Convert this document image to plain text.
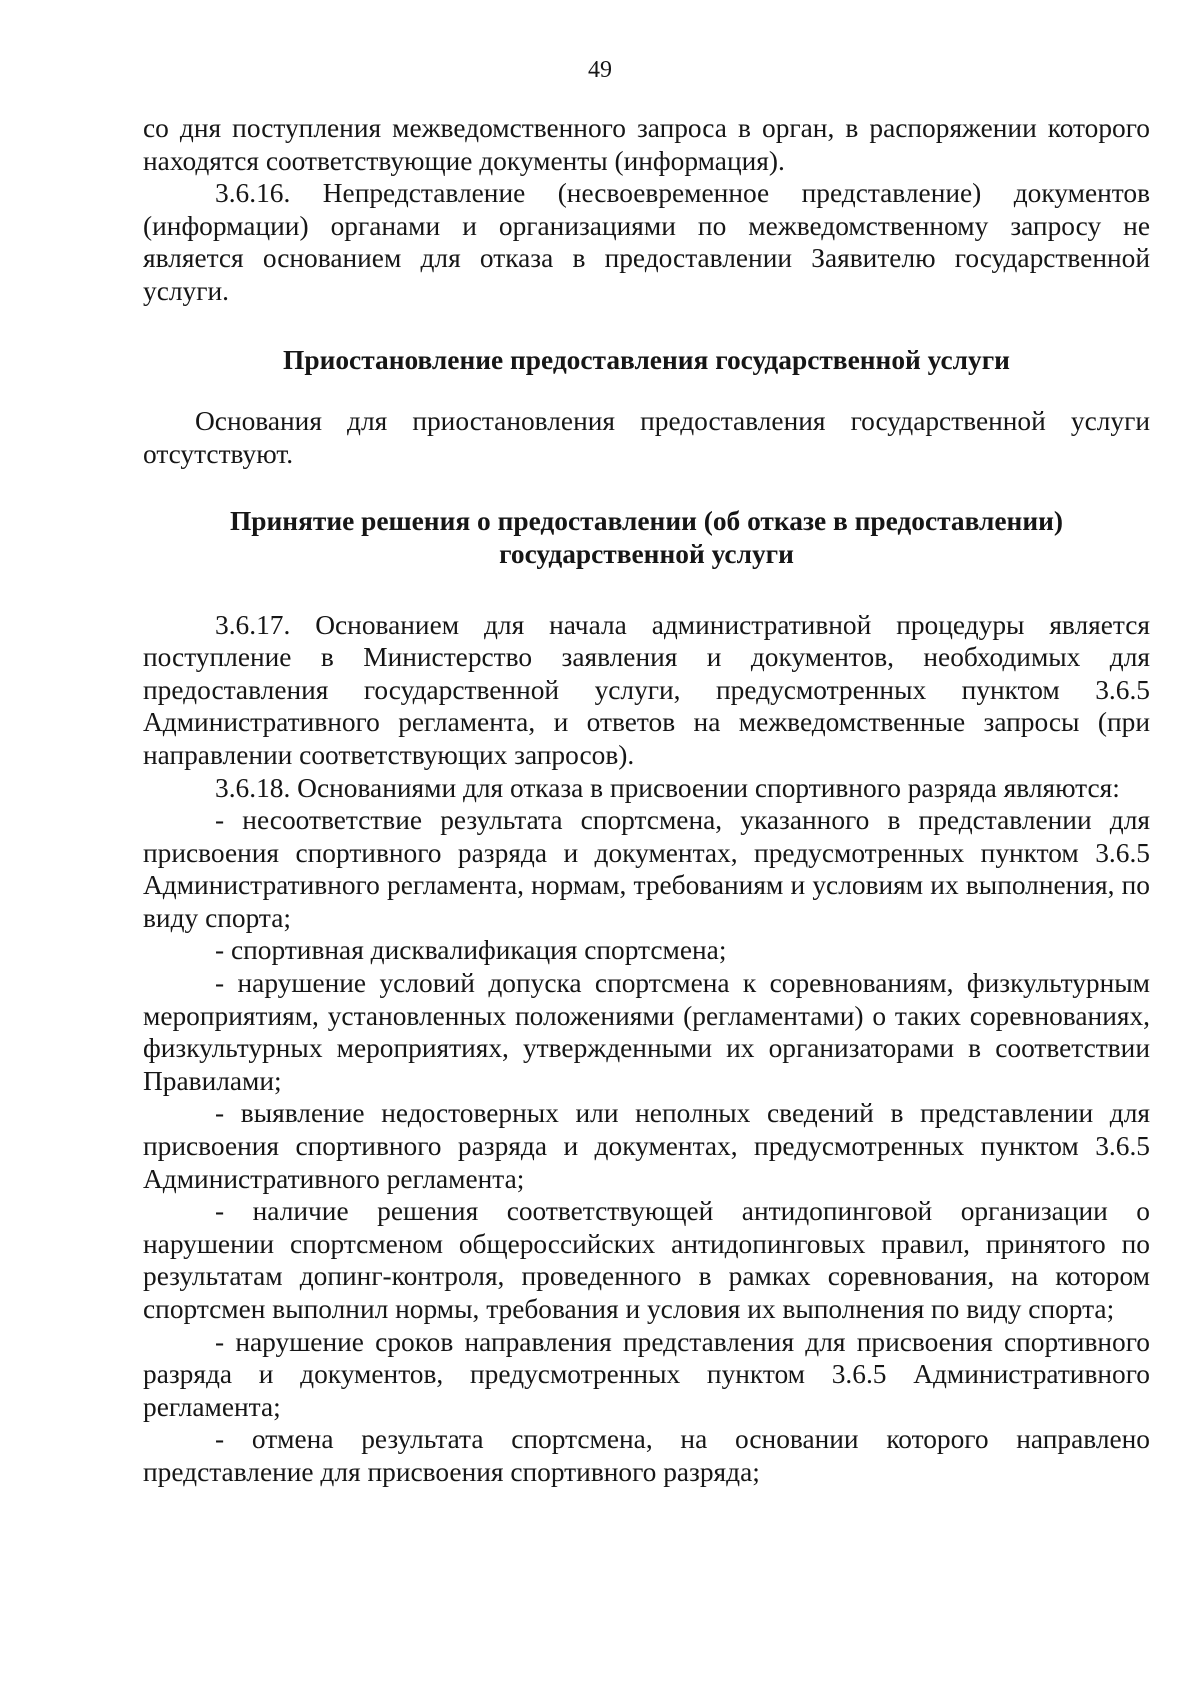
49

со дня поступления межведомственного запроса в орган, в распоряжении которого находятся соответствующие документы (информация).

3.6.16. Непредставление (несвоевременное представление) документов (информации) органами и организациями по межведомственному запросу не является основанием для отказа в предоставлении Заявителю государственной услуги.

Приостановление предоставления государственной услуги

Основания для приостановления предоставления государственной услуги отсутствуют.

Принятие решения о предоставлении (об отказе в предоставлении)

государственной услуги

3.6.17. Основанием для начала административной процедуры является поступление в Министерство заявления и документов, необходимых для предоставления государственной услуги, предусмотренных пунктом 3.6.5 Административного регламента, и ответов на межведомственные запросы (при направлении соответствующих запросов).

3.6.18. Основаниями для отказа в присвоении спортивного разряда являются:

- несоответствие результата спортсмена, указанного в представлении для присвоения спортивного разряда и документах, предусмотренных пунктом 3.6.5 Административного регламента, нормам, требованиям и условиям их выполнения, по виду спорта;

- спортивная дисквалификация спортсмена;

- нарушение условий допуска спортсмена к соревнованиям, физкультурным мероприятиям, установленных положениями (регламентами) о таких соревнованиях, физкультурных мероприятиях, утвержденными их организаторами в соответствии Правилами;

- выявление недостоверных или неполных сведений в представлении для присвоения спортивного разряда и документах, предусмотренных пунктом 3.6.5 Административного регламента;

- наличие решения соответствующей антидопинговой организации о нарушении спортсменом общероссийских антидопинговых правил, принятого по результатам допинг-контроля, проведенного в рамках соревнования, на котором спортсмен выполнил нормы, требования и условия их выполнения по виду спорта;

- нарушение сроков направления представления для присвоения спортивного разряда и документов, предусмотренных пунктом 3.6.5 Административного регламента;

- отмена результата спортсмена, на основании которого направлено представление для присвоения спортивного разряда;
